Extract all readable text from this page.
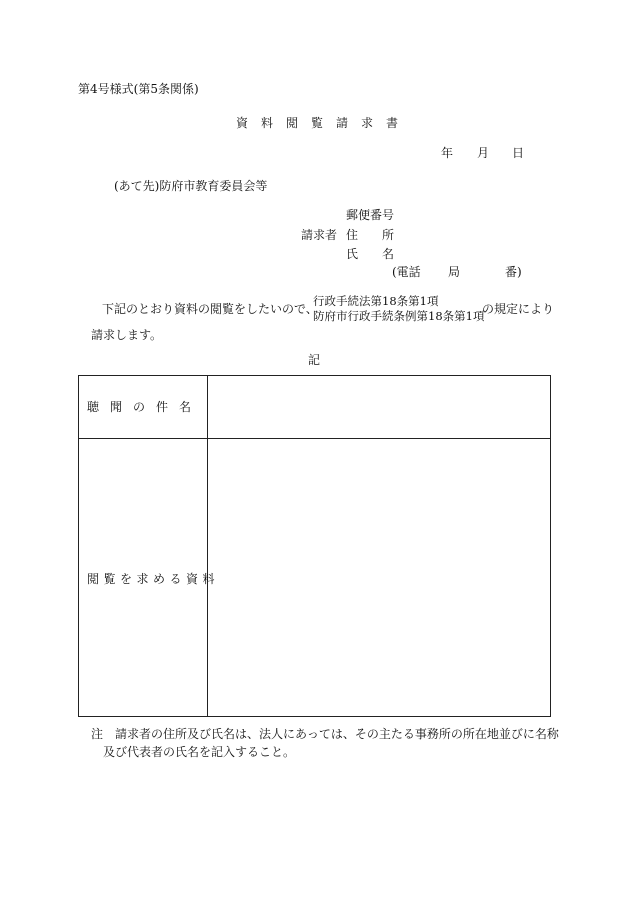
第4号様式(第5条関係)
資料閲覧請求書
年 月 日
(あて先)防府市教育委員会等
郵便番号
請求者 住　　所
氏　　名
(電話 局	番)
下記のとおり資料の閲覧をしたいので、
行政手続法第18条第1項
防府市行政手続条例第18条第1項
の規定により
請求します。
記
聴聞の件名
閲覧を求める資料
注　請求者の住所及び氏名は、法人にあっては、その主たる事務所の所在地並びに名称
及び代表者の氏名を記入すること。
